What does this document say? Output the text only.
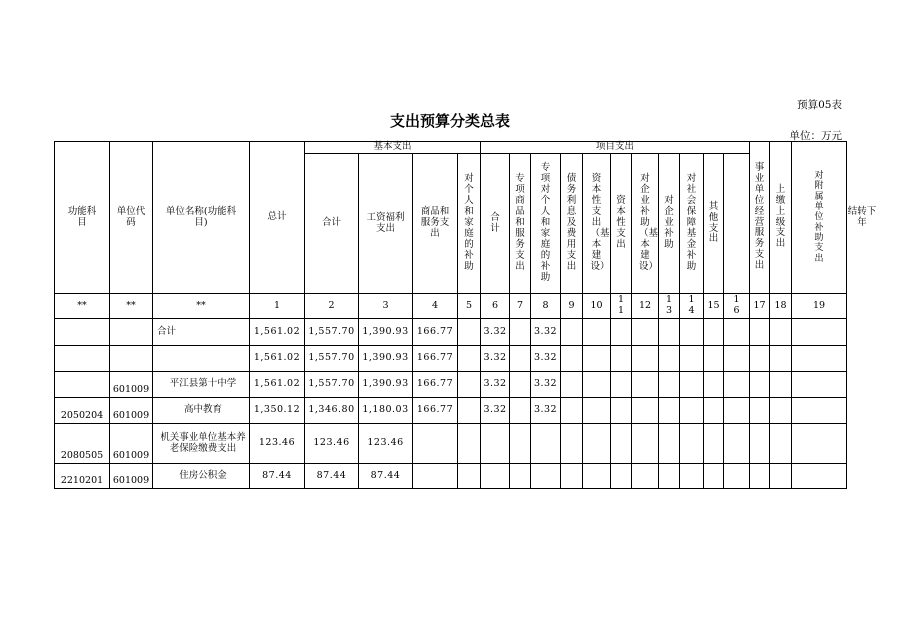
预算05表
支出预算分类总表
单位：万元
功能科目	单位代码	单位名称(功能科目)	总计	基本支出				项目支出											事业单位经营服务支出	上缴上级支出	对附属单位补助支出	结转下年
				合计	工资福利支出	商品和服务支出	对个人和家庭的补助	合计	专项商品和服务支出	专项对个人和家庭的补助	债务利息及费用支出	资本性支出（基本建设）	资本性支出	对企业补助（基本建设）	对企业补助	对社会保障基金补助	其他支出					

**	**	**	1	2	3	4	5	6	7	8	9	10	11	12	13	14	15	16	17	18	19	
		合计	1,561.02	1,557.70	1,390.93	166.77		3.32		3.32												
			1,561.02	1,557.70	1,390.93	166.77		3.32		3.32												
	601009	平江县第十中学	1,561.02	1,557.70	1,390.93	166.77		3.32		3.32												
2050204	601009	高中教育	1,350.12	1,346.80	1,180.03	166.77		3.32		3.32												
2080505	601009	机关事业单位基本养老保险缴费支出	123.46	123.46	123.46																	
2210201	601009	住房公积金	87.44	87.44	87.44																	
